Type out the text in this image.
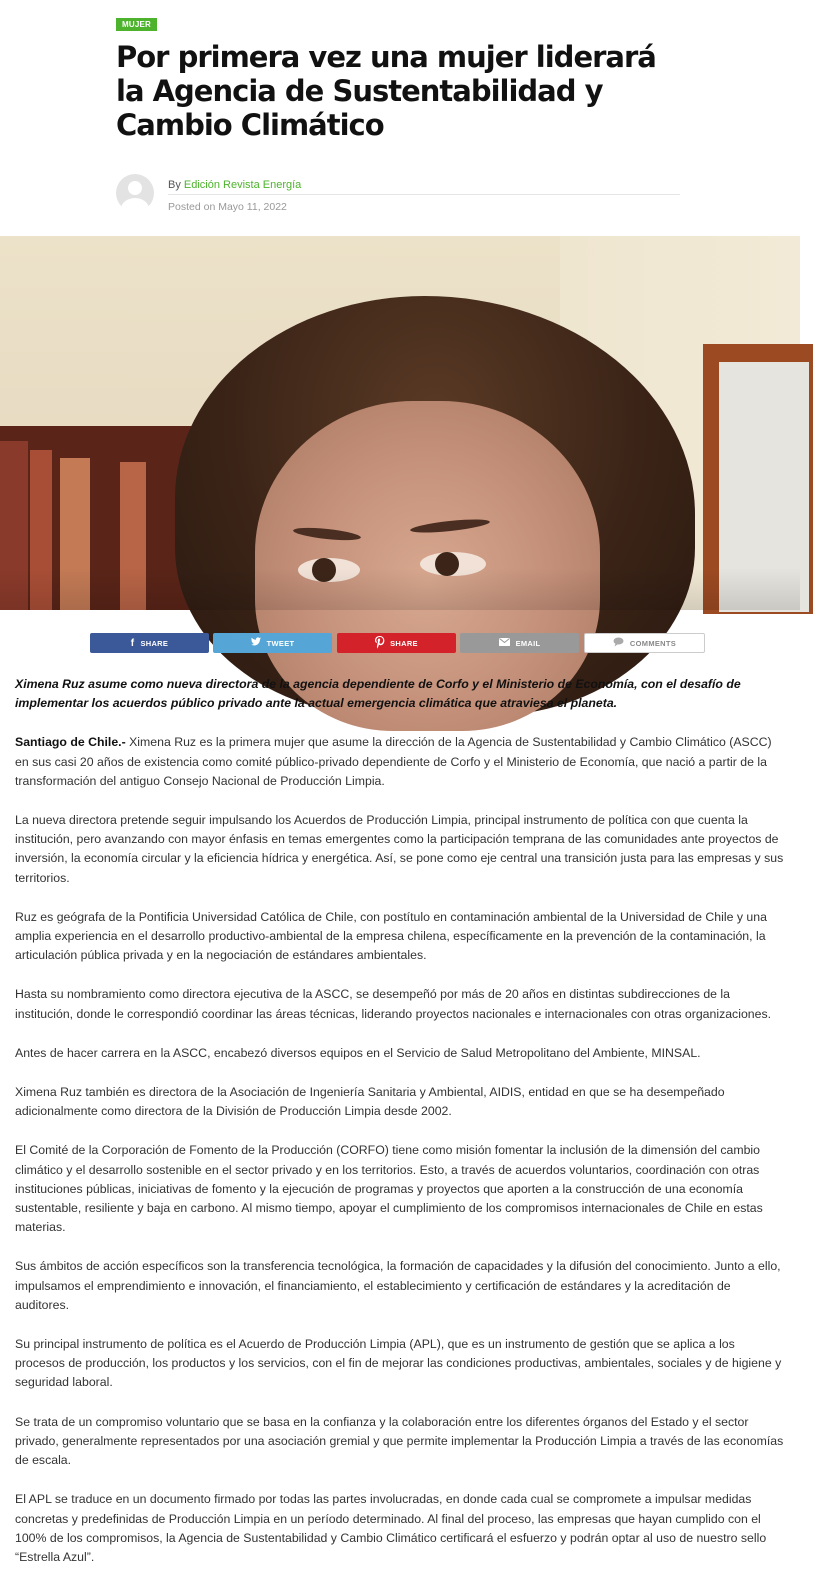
MUJER
Por primera vez una mujer liderará la Agencia de Sustentabilidad y Cambio Climático
By Edición Revista Energía
Posted on Mayo 11, 2022
f SHARE	TWEET	SHARE	EMAIL	COMMENTS

Ximena Ruz asume como nueva directora de la agencia dependiente de Corfo y el Ministerio de Economía, con el desafío de implementar los acuerdos público privado ante la actual emergencia climática que atraviesa el planeta.

Santiago de Chile.- Ximena Ruz es la primera mujer que asume la dirección de la Agencia de Sustentabilidad y Cambio Climático (ASCC) en sus casi 20 años de existencia como comité público-privado dependiente de Corfo y el Ministerio de Economía, que nació a partir de la transformación del antiguo Consejo Nacional de Producción Limpia.

La nueva directora pretende seguir impulsando los Acuerdos de Producción Limpia, principal instrumento de política con que cuenta la institución, pero avanzando con mayor énfasis en temas emergentes como la participación temprana de las comunidades ante proyectos de inversión, la economía circular y la eficiencia hídrica y energética. Así, se pone como eje central una transición justa para las empresas y sus territorios.

Ruz es geógrafa de la Pontificia Universidad Católica de Chile, con postítulo en contaminación ambiental de la Universidad de Chile y una amplia experiencia en el desarrollo productivo-ambiental de la empresa chilena, específicamente en la prevención de la contaminación, la articulación pública privada y en la negociación de estándares ambientales.

Hasta su nombramiento como directora ejecutiva de la ASCC, se desempeñó por más de 20 años en distintas subdirecciones de la institución, donde le correspondió coordinar las áreas técnicas, liderando proyectos nacionales e internacionales con otras organizaciones.

Antes de hacer carrera en la ASCC, encabezó diversos equipos en el Servicio de Salud Metropolitano del Ambiente, MINSAL.

Ximena Ruz también es directora de la Asociación de Ingeniería Sanitaria y Ambiental, AIDIS, entidad en que se ha desempeñado adicionalmente como directora de la División de Producción Limpia desde 2002.

El Comité de la Corporación de Fomento de la Producción (CORFO) tiene como misión fomentar la inclusión de la dimensión del cambio climático y el desarrollo sostenible en el sector privado y en los territorios. Esto, a través de acuerdos voluntarios, coordinación con otras instituciones públicas, iniciativas de fomento y la ejecución de programas y proyectos que aporten a la construcción de una economía sustentable, resiliente y baja en carbono. Al mismo tiempo, apoyar el cumplimiento de los compromisos internacionales de Chile en estas materias.

Sus ámbitos de acción específicos son la transferencia tecnológica, la formación de capacidades y la difusión del conocimiento. Junto a ello, impulsamos el emprendimiento e innovación, el financiamiento, el establecimiento y certificación de estándares y la acreditación de auditores.

Su principal instrumento de política es el Acuerdo de Producción Limpia (APL), que es un instrumento de gestión que se aplica a los procesos de producción, los productos y los servicios, con el fin de mejorar las condiciones productivas, ambientales, sociales y de higiene y seguridad laboral.

Se trata de un compromiso voluntario que se basa en la confianza y la colaboración entre los diferentes órganos del Estado y el sector privado, generalmente representados por una asociación gremial y que permite implementar la Producción Limpia a través de las economías de escala.

El APL se traduce en un documento firmado por todas las partes involucradas, en donde cada cual se compromete a impulsar medidas concretas y predefinidas de Producción Limpia en un período determinado. Al final del proceso, las empresas que hayan cumplido con el 100% de los compromisos, la Agencia de Sustentabilidad y Cambio Climático certificará el esfuerzo y podrán optar al uso de nuestro sello “Estrella Azul”.
